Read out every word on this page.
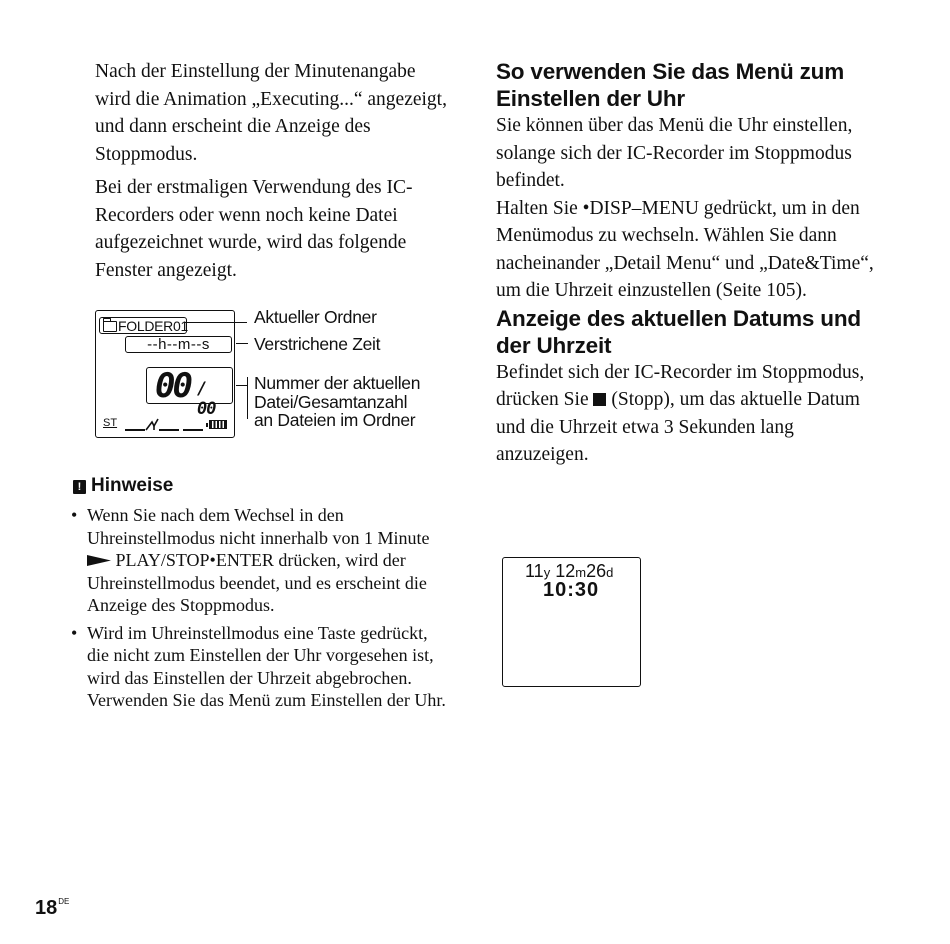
Nach der Einstellung der Minutenangabe wird die Animation „Executing...“ angezeigt, und dann erscheint die Anzeige des Stoppmodus.

Bei der erstmaligen Verwendung des IC-Recorders oder wenn noch keine Datei aufgezeichnet wurde, wird das folgende Fenster angezeigt.

FOLDER01
--h--m--s
00 / 00
ST
Aktueller Ordner
Verstrichene Zeit
Nummer der aktuellen
Datei/Gesamtanzahl
an Dateien im Ordner
! Hinweise
• Wenn Sie nach dem Wechsel in den Uhreinstellmodus nicht innerhalb von 1 Minute  PLAY/STOP•ENTER drücken, wird der Uhreinstellmodus beendet, und es erscheint die Anzeige des Stoppmodus.
• Wird im Uhreinstellmodus eine Taste gedrückt, die nicht zum Einstellen der Uhr vorgesehen ist, wird das Einstellen der Uhrzeit abgebrochen. Verwenden Sie das Menü zum Einstellen der Uhr.
So verwenden Sie das Menü zum Einstellen der Uhr

Sie können über das Menü die Uhr einstellen, solange sich der IC-Recorder im Stoppmodus befindet.

Halten Sie •DISP–MENU gedrückt, um in den Menümodus zu wechseln. Wählen Sie dann nacheinander „Detail Menu“ und „Date&Time“, um die Uhrzeit einzustellen (Seite 105).

Anzeige des aktuellen Datums und der Uhrzeit

Befindet sich der IC-Recorder im Stoppmodus, drücken Sie  (Stopp), um das aktuelle Datum und die Uhrzeit etwa 3 Sekunden lang anzuzeigen.

11y 12m26d
10:30
18DE
